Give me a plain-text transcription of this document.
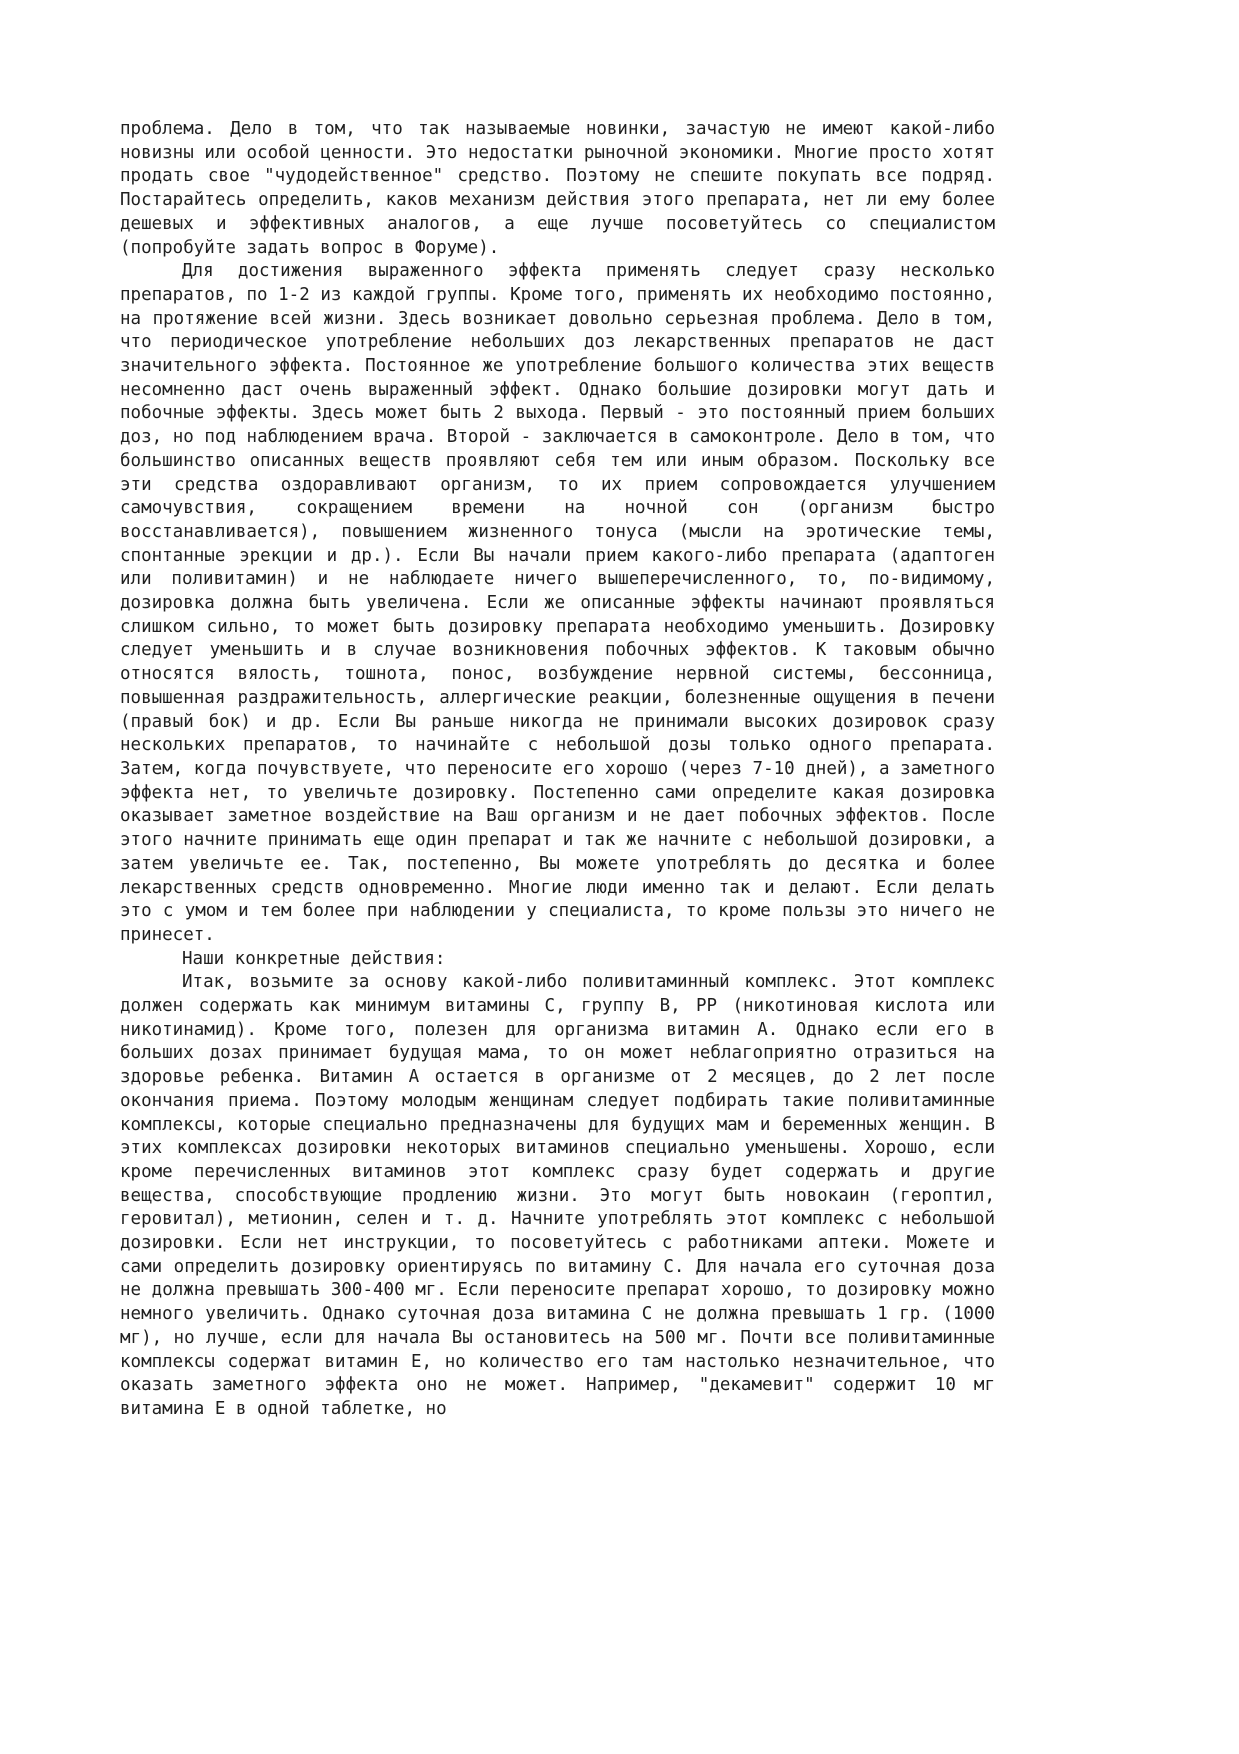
проблема. Дело в том, что так называемые новинки, зачастую не имеют какой-либо новизны или особой ценности. Это недостатки рыночной экономики. Многие просто хотят продать свое "чудодейственное" средство. Поэтому не спешите покупать все подряд. Постарайтесь определить, каков механизм действия этого препарата, нет ли ему более дешевых и эффективных аналогов, а еще лучше посоветуйтесь со специалистом (попробуйте задать вопрос в Форуме).

Для достижения выраженного эффекта применять следует сразу несколько препаратов, по 1-2 из каждой группы. Кроме того, применять их необходимо постоянно, на протяжение всей жизни. Здесь возникает довольно серьезная проблема. Дело в том, что периодическое употребление небольших доз лекарственных препаратов не даст значительного эффекта. Постоянное же употребление большого количества этих веществ несомненно даст очень выраженный эффект. Однако большие дозировки могут дать и побочные эффекты. Здесь может быть 2 выхода. Первый - это постоянный прием больших доз, но под наблюдением врача. Второй - заключается в самоконтроле. Дело в том, что большинство описанных веществ проявляют себя тем или иным образом. Поскольку все эти средства оздоравливают организм, то их прием сопровождается улучшением самочувствия, сокращением времени на ночной сон (организм быстро восстанавливается), повышением жизненного тонуса (мысли на эротические темы, спонтанные эрекции и др.). Если Вы начали прием какого-либо препарата (адаптоген или поливитамин) и не наблюдаете ничего вышеперечисленного, то, по-видимому, дозировка должна быть увеличена. Если же описанные эффекты начинают проявляться слишком сильно, то может быть дозировку препарата необходимо уменьшить. Дозировку следует уменьшить и в случае возникновения побочных эффектов. К таковым обычно относятся вялость, тошнота, понос, возбуждение нервной системы, бессонница, повышенная раздражительность, аллергические реакции, болезненные ощущения в печени (правый бок) и др. Если Вы раньше никогда не принимали высоких дозировок сразу нескольких препаратов, то начинайте с небольшой дозы только одного препарата. Затем, когда почувствуете, что переносите его хорошо (через 7-10 дней), а заметного эффекта нет, то увеличьте дозировку. Постепенно сами определите какая дозировка оказывает заметное воздействие на Ваш организм и не дает побочных эффектов. После этого начните принимать еще один препарат и так же начните с небольшой дозировки, а затем увеличьте ее. Так, постепенно, Вы можете употреблять до десятка и более лекарственных средств одновременно. Многие люди именно так и делают. Если делать это с умом и тем более при наблюдении у специалиста, то кроме пользы это ничего не принесет.

Наши конкретные действия:

Итак, возьмите за основу какой-либо поливитаминный комплекс. Этот комплекс должен содержать как минимум витамины С, группу B, PP (никотиновая кислота или никотинамид). Кроме того, полезен для организма витамин А. Однако если его в больших дозах принимает будущая мама, то он может неблагоприятно отразиться на здоровье ребенка. Витамин А остается в организме от 2 месяцев, до 2 лет после окончания приема. Поэтому молодым женщинам следует подбирать такие поливитаминные комплексы, которые специально предназначены для будущих мам и беременных женщин. В этих комплексах дозировки некоторых витаминов специально уменьшены. Хорошо, если кроме перечисленных витаминов этот комплекс сразу будет содержать и другие вещества, способствующие продлению жизни. Это могут быть новокаин (героптил, геровитал), метионин, селен и т. д. Начните употреблять этот комплекс с небольшой дозировки. Если нет инструкции, то посоветуйтесь с работниками аптеки. Можете и сами определить дозировку ориентируясь по витамину С. Для начала его суточная доза не должна превышать 300-400 мг. Если переносите препарат хорошо, то дозировку можно немного увеличить. Однако суточная доза витамина С не должна превышать 1 гр. (1000 мг), но лучше, если для начала Вы остановитесь на 500 мг. Почти все поливитаминные комплексы содержат витамин Е, но количество его там настолько незначительное, что оказать заметного эффекта оно не может. Например, "декамевит" содержит 10 мг витамина Е в одной таблетке, но
